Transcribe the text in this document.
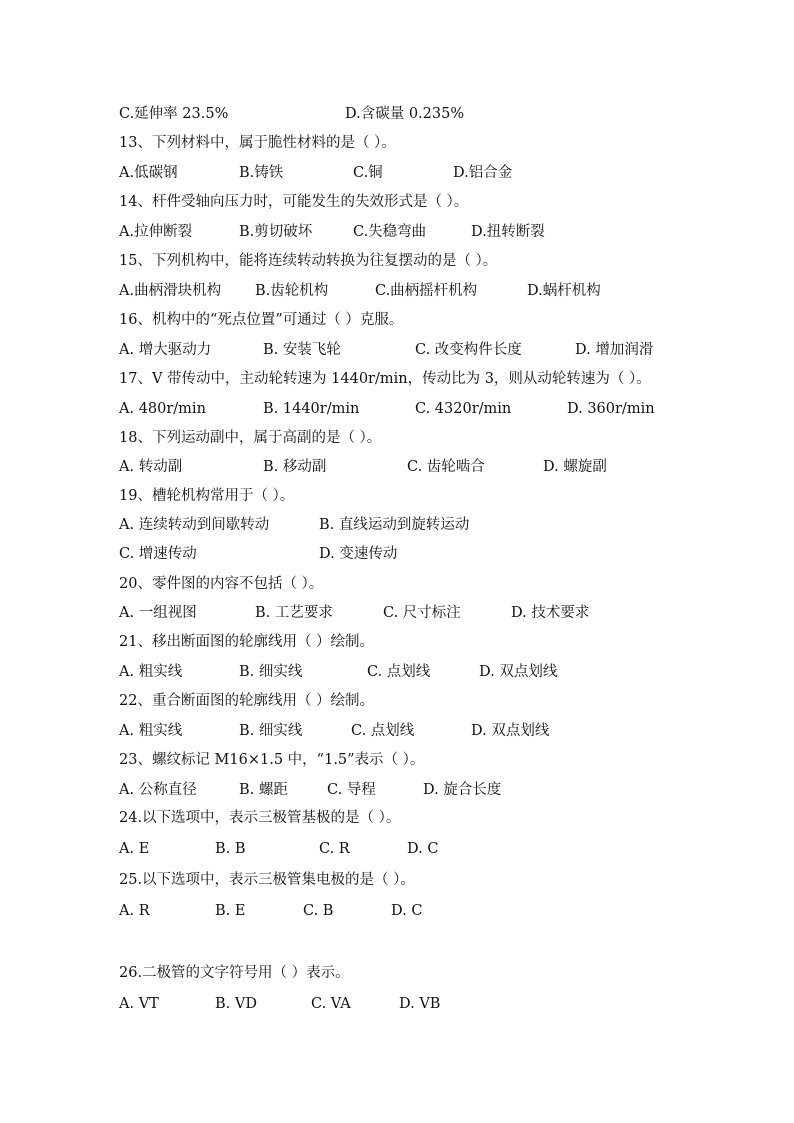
C.延伸率 23.5%	D.含碳量 0.235%
13、下列材料中，属于脆性材料的是（ ）。
A.低碳钢	B.铸铁	C.铜	D.铝合金
14、杆件受轴向压力时，可能发生的失效形式是（ ）。
A.拉伸断裂	B.剪切破坏	C.失稳弯曲	D.扭转断裂
15、下列机构中，能将连续转动转换为往复摆动的是（ ）。
A.曲柄滑块机构 B.齿轮机构	C.曲柄摇杆机构	D.蜗杆机构
16、机构中的“死点位置”可通过（ ）克服。
A. 增大驱动力	B. 安装飞轮	C. 改变构件长度	D. 增加润滑
17、V 带传动中，主动轮转速为 1440r/min，传动比为 3，则从动轮转速为（ ）。
A. 480r/min	B. 1440r/min	C. 4320r/min	D. 360r/min
18、下列运动副中，属于高副的是（ ）。
A. 转动副	B. 移动副	C. 齿轮啮合	D. 螺旋副
19、槽轮机构常用于（ ）。
A. 连续转动到间歇转动	B. 直线运动到旋转运动
C. 增速传动	D. 变速传动
20、零件图的内容不包括（ ）。
A. 一组视图	B. 工艺要求	C. 尺寸标注	D. 技术要求
21、移出断面图的轮廓线用（ ）绘制。
A. 粗实线	B. 细实线	C. 点划线	D. 双点划线
22、重合断面图的轮廓线用（ ）绘制。
A. 粗实线	B. 细实线	C. 点划线	D. 双点划线
23、螺纹标记 M16×1.5 中，“1.5”表示（ ）。
A. 公称直径	B. 螺距	C. 导程	D. 旋合长度
24.以下选项中，表示三极管基极的是（ ）。
A. E	B. B	C. R	D. C
25.以下选项中，表示三极管集电极的是（ ）。
A. R	B. E	C. B	D. C
26.二极管的文字符号用（ ）表示。
A. VT	B. VD	C. VA	D. VB
